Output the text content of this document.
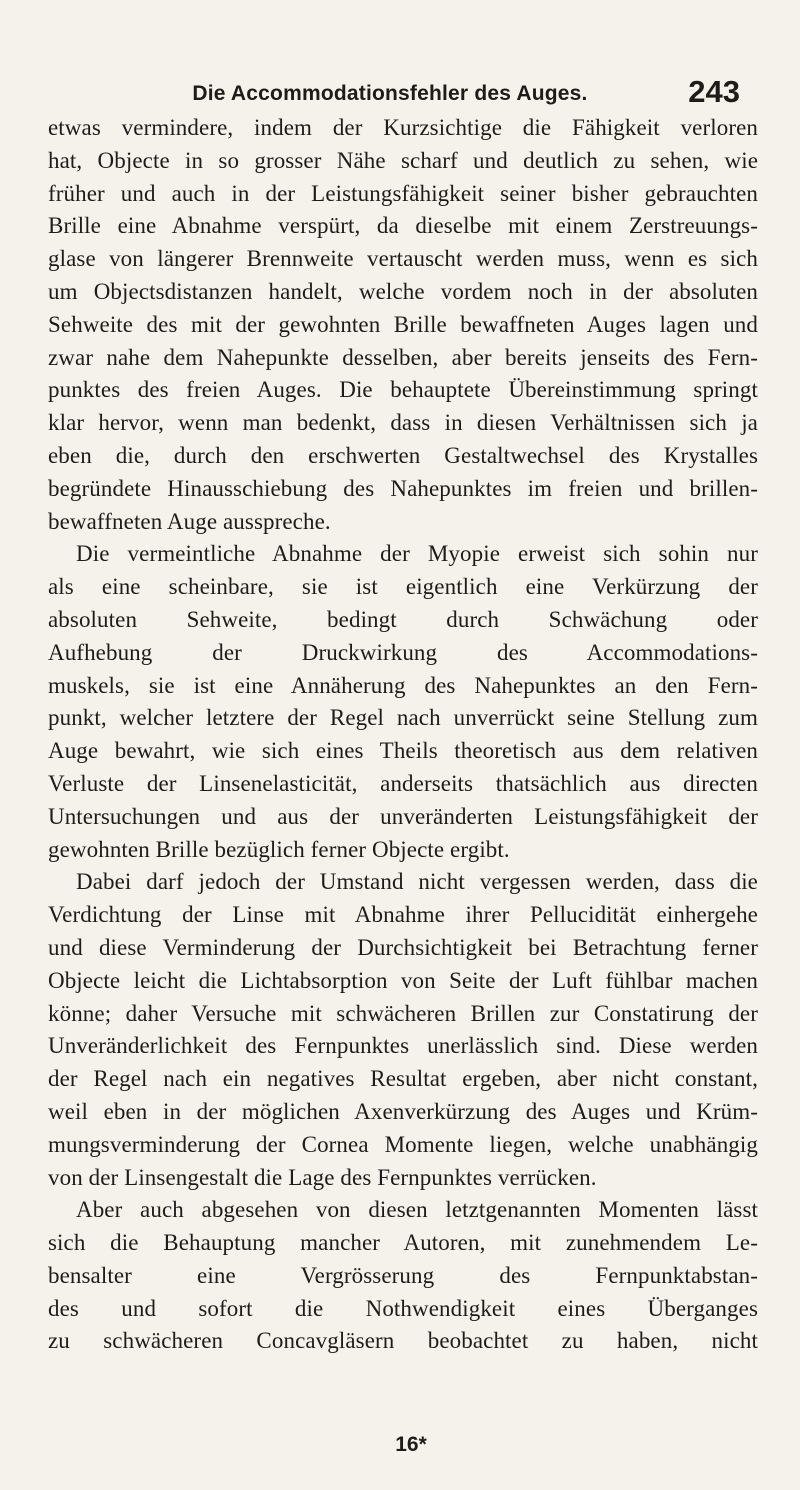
Die Accommodationsfehler des Auges.	243
etwas vermindere, indem der Kurzsichtige die Fähigkeit verloren
hat, Objecte in so grosser Nähe scharf und deutlich zu sehen, wie
früher und auch in der Leistungsfähigkeit seiner bisher gebrauchten
Brille eine Abnahme verspürt, da dieselbe mit einem Zerstreuungs-
glase von längerer Brennweite vertauscht werden muss, wenn es sich
um Objectsdistanzen handelt, welche vordem noch in der absoluten
Sehweite des mit der gewohnten Brille bewaffneten Auges lagen und
zwar nahe dem Nahepunkte desselben, aber bereits jenseits des Fern-
punktes des freien Auges. Die behauptete Übereinstimmung springt
klar hervor, wenn man bedenkt, dass in diesen Verhältnissen sich ja
eben die, durch den erschwerten Gestaltwechsel des Krystalles
begründete Hinausschiebung des Nahepunktes im freien und brillen-
bewaffneten Auge ausspreche.
Die vermeintliche Abnahme der Myopie erweist sich sohin nur
als eine scheinbare, sie ist eigentlich eine Verkürzung der
absoluten Sehweite, bedingt durch Schwächung oder
Aufhebung der Druckwirkung des Accommodations-
muskels, sie ist eine Annäherung des Nahepunktes an den Fern-
punkt, welcher letztere der Regel nach unverrückt seine Stellung zum
Auge bewahrt, wie sich eines Theils theoretisch aus dem relativen
Verluste der Linsenelasticität, anderseits thatsächlich aus directen
Untersuchungen und aus der unveränderten Leistungsfähigkeit der
gewohnten Brille bezüglich ferner Objecte ergibt.
Dabei darf jedoch der Umstand nicht vergessen werden, dass die
Verdichtung der Linse mit Abnahme ihrer Pellucidität einhergehe
und diese Verminderung der Durchsichtigkeit bei Betrachtung ferner
Objecte leicht die Lichtabsorption von Seite der Luft fühlbar machen
könne; daher Versuche mit schwächeren Brillen zur Constatirung der
Unveränderlichkeit des Fernpunktes unerlässlich sind. Diese werden
der Regel nach ein negatives Resultat ergeben, aber nicht constant,
weil eben in der möglichen Axenverkürzung des Auges und Krüm-
mungsverminderung der Cornea Momente liegen, welche unabhängig
von der Linsengestalt die Lage des Fernpunktes verrücken.
Aber auch abgesehen von diesen letztgenannten Momenten lässt
sich die Behauptung mancher Autoren, mit zunehmendem Le-
bensalter eine Vergrösserung des Fernpunktabstan-
des und sofort die Nothwendigkeit eines Überganges
zu schwächeren Concavgläsern beobachtet zu haben, nicht
16*
